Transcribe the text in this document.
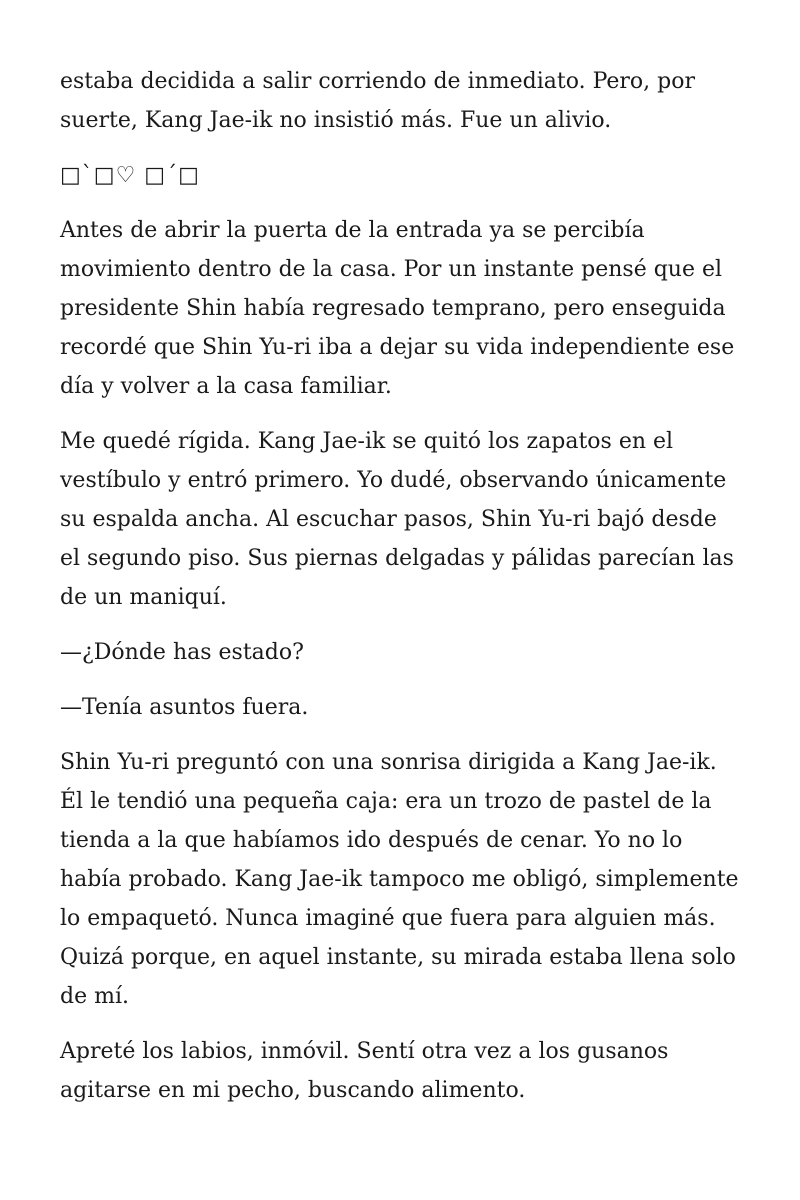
estaba decidida a salir corriendo de inmediato. Pero, por suerte, Kang Jae-ik no insistió más. Fue un alivio.

□`□♡ □´□

Antes de abrir la puerta de la entrada ya se percibía movimiento dentro de la casa. Por un instante pensé que el presidente Shin había regresado temprano, pero enseguida recordé que Shin Yu-ri iba a dejar su vida independiente ese día y volver a la casa familiar.

Me quedé rígida. Kang Jae-ik se quitó los zapatos en el vestíbulo y entró primero. Yo dudé, observando únicamente su espalda ancha. Al escuchar pasos, Shin Yu-ri bajó desde el segundo piso. Sus piernas delgadas y pálidas parecían las de un maniquí.

—¿Dónde has estado?

—Tenía asuntos fuera.

Shin Yu-ri preguntó con una sonrisa dirigida a Kang Jae-ik. Él le tendió una pequeña caja: era un trozo de pastel de la tienda a la que habíamos ido después de cenar. Yo no lo había probado. Kang Jae-ik tampoco me obligó, simplemente lo empaquetó. Nunca imaginé que fuera para alguien más. Quizá porque, en aquel instante, su mirada estaba llena solo de mí.

Apreté los labios, inmóvil. Sentí otra vez a los gusanos agitarse en mi pecho, buscando alimento.
